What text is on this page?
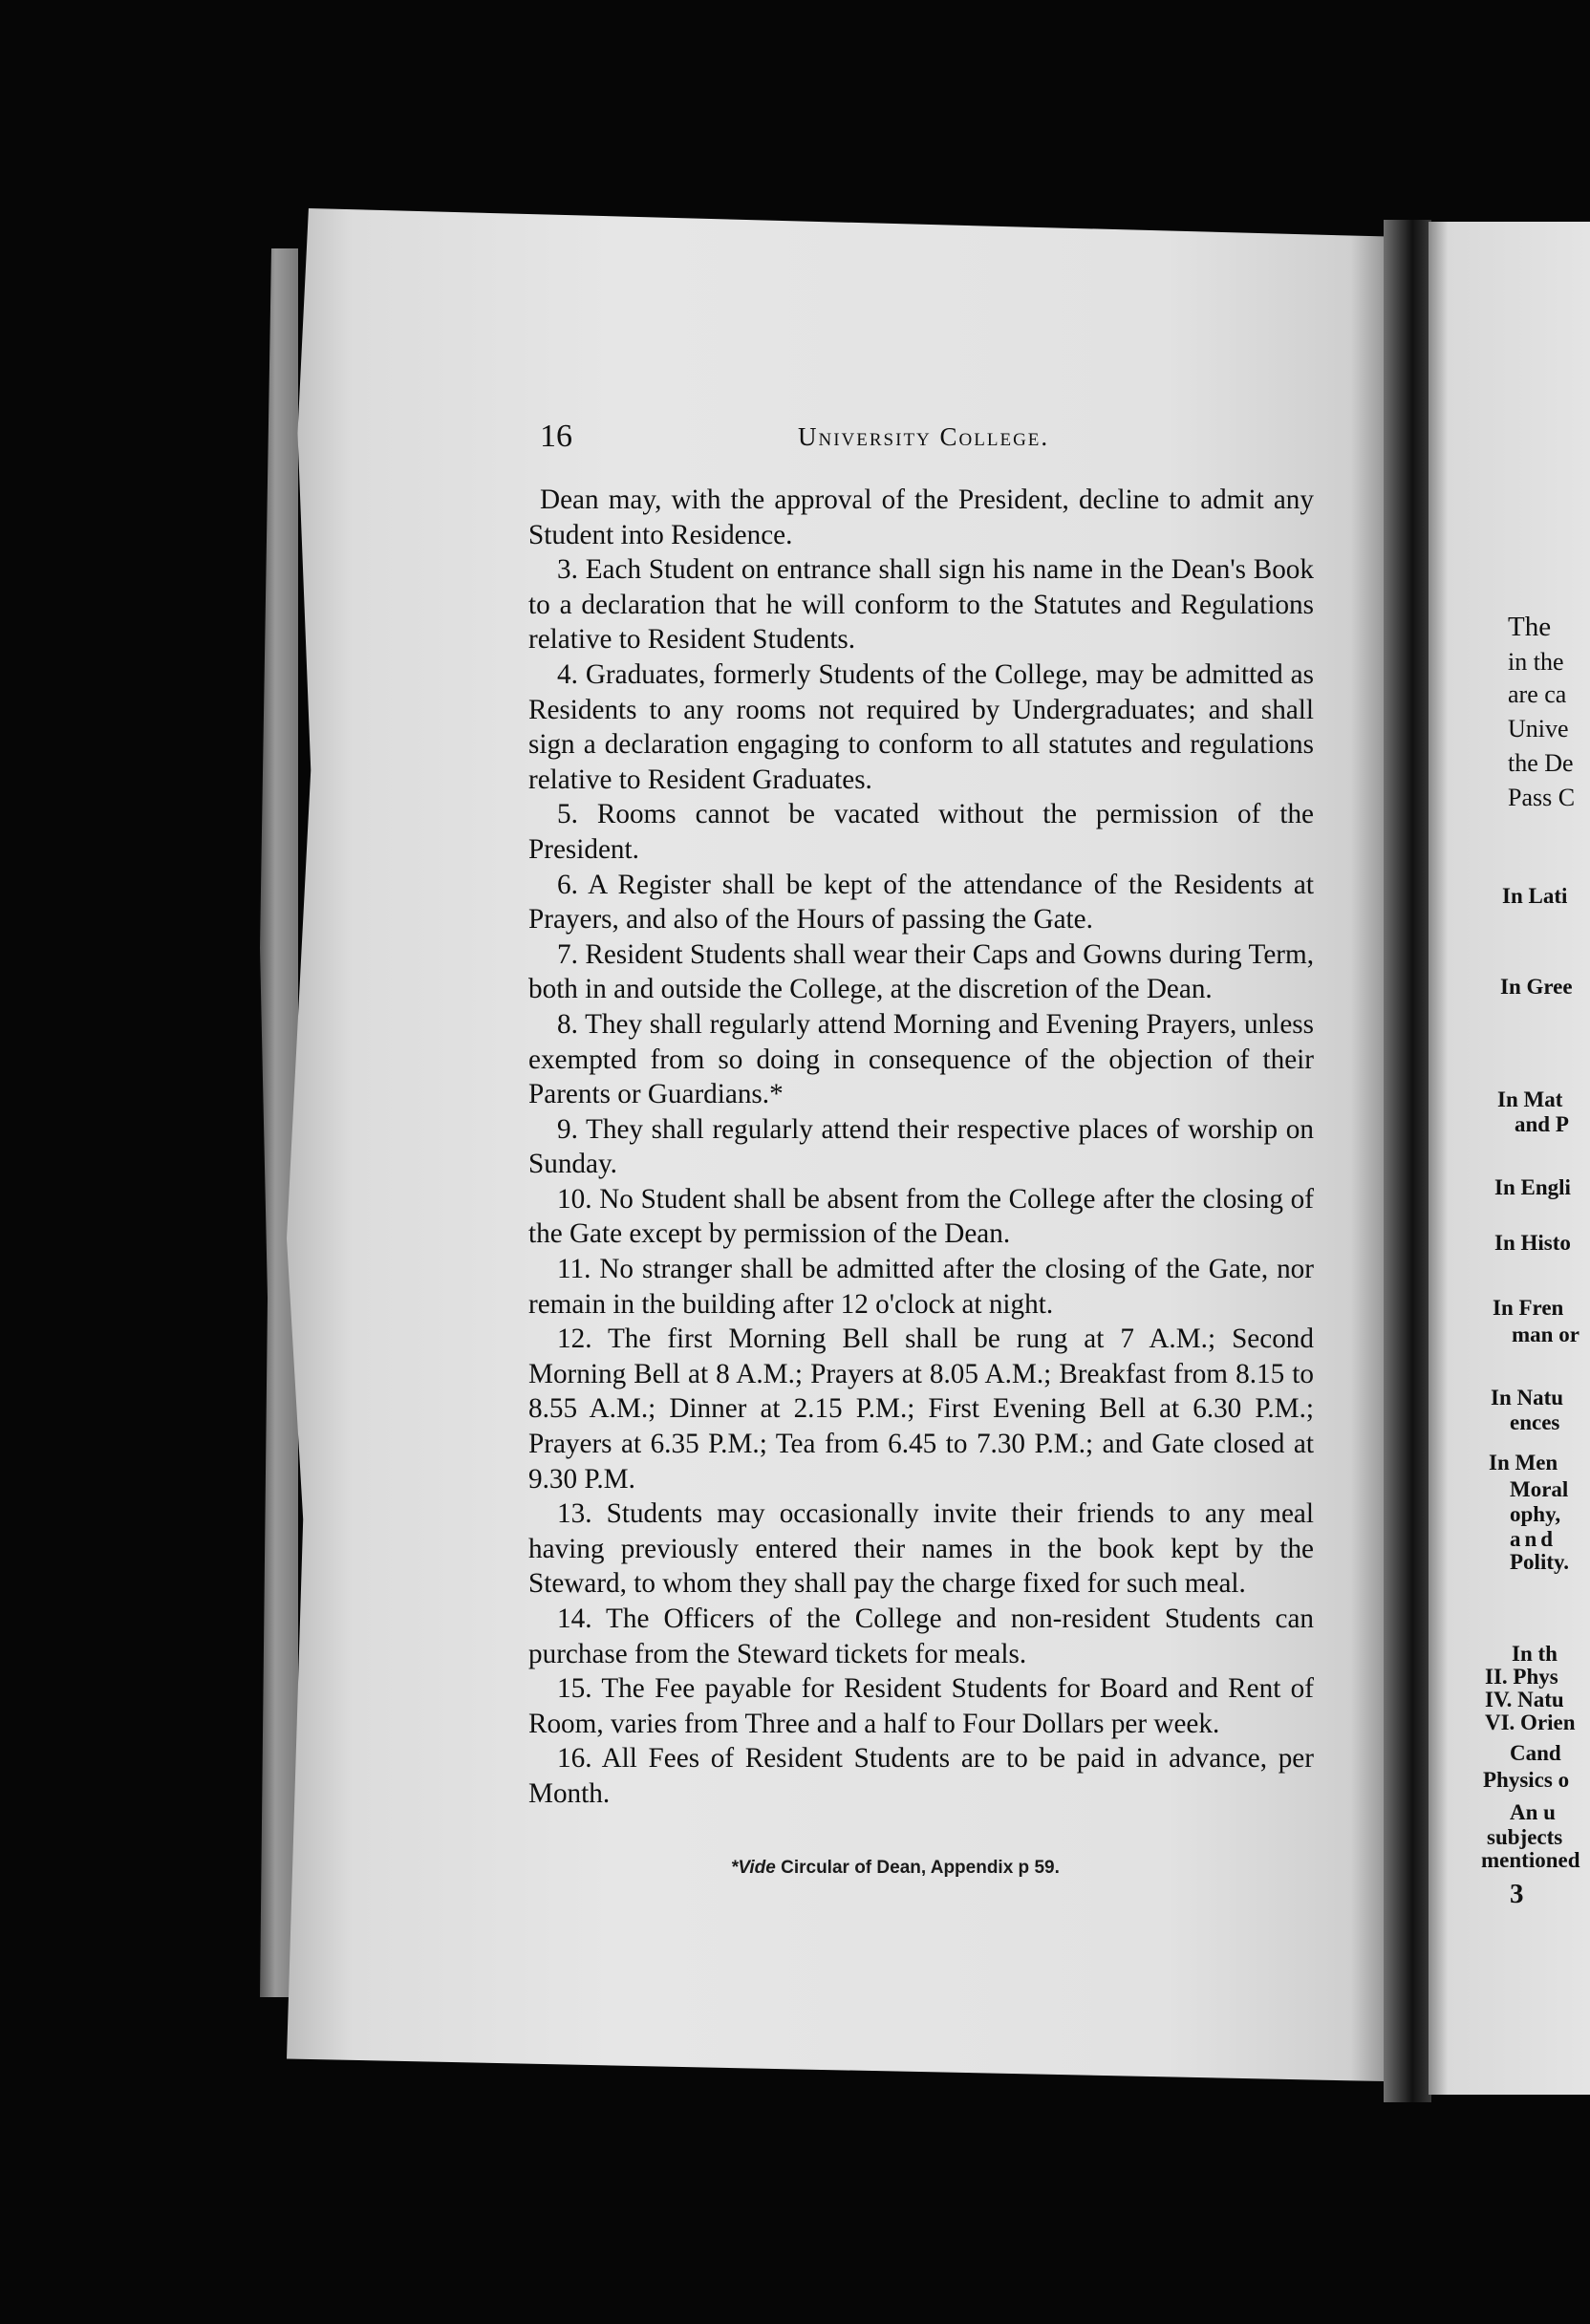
16	University College.

Dean may, with the approval of the President, decline to admit any Student into Residence.

3. Each Student on entrance shall sign his name in the Dean's Book to a declaration that he will conform to the Statutes and Regulations relative to Resident Students.

4. Graduates, formerly Students of the College, may be admitted as Residents to any rooms not required by Undergraduates; and shall sign a declaration engaging to conform to all statutes and regulations relative to Resident Graduates.

5. Rooms cannot be vacated without the permission of the President.

6. A Register shall be kept of the attendance of the Residents at Prayers, and also of the Hours of passing the Gate.

7. Resident Students shall wear their Caps and Gowns during Term, both in and outside the College, at the discretion of the Dean.

8. They shall regularly attend Morning and Evening Prayers, unless exempted from so doing in consequence of the objection of their Parents or Guardians.*

9. They shall regularly attend their respective places of worship on Sunday.

10. No Student shall be absent from the College after the closing of the Gate except by permission of the Dean.

11. No stranger shall be admitted after the closing of the Gate, nor remain in the building after 12 o'clock at night.

12. The first Morning Bell shall be rung at 7 A.M.; Second Morning Bell at 8 A.M.; Prayers at 8.05 A.M.; Breakfast from 8.15 to 8.55 A.M.; Dinner at 2.15 P.M.; First Evening Bell at 6.30 P.M.; Prayers at 6.35 P.M.; Tea from 6.45 to 7.30 P.M.; and Gate closed at 9.30 P.M.

13. Students may occasionally invite their friends to any meal having previously entered their names in the book kept by the Steward, to whom they shall pay the charge fixed for such meal.

14. The Officers of the College and non-resident Students can purchase from the Steward tickets for meals.

15. The Fee payable for Resident Students for Board and Rent of Room, varies from Three and a half to Four Dollars per week.

16. All Fees of Resident Students are to be paid in advance, per Month.

*Vide Circular of Dean, Appendix p 59.
The
in the
are ca
Unive
the De
Pass C
In Lati
In Gree
In Mat
and P
In Engli
In Histo
In Fren
man or
In Natu
ences
In Men
Moral
ophy,
and
Polity.
In th
II. Phys
IV. Natu
VI. Orien
Cand
Physics o
An u
subjects
mentioned
3
